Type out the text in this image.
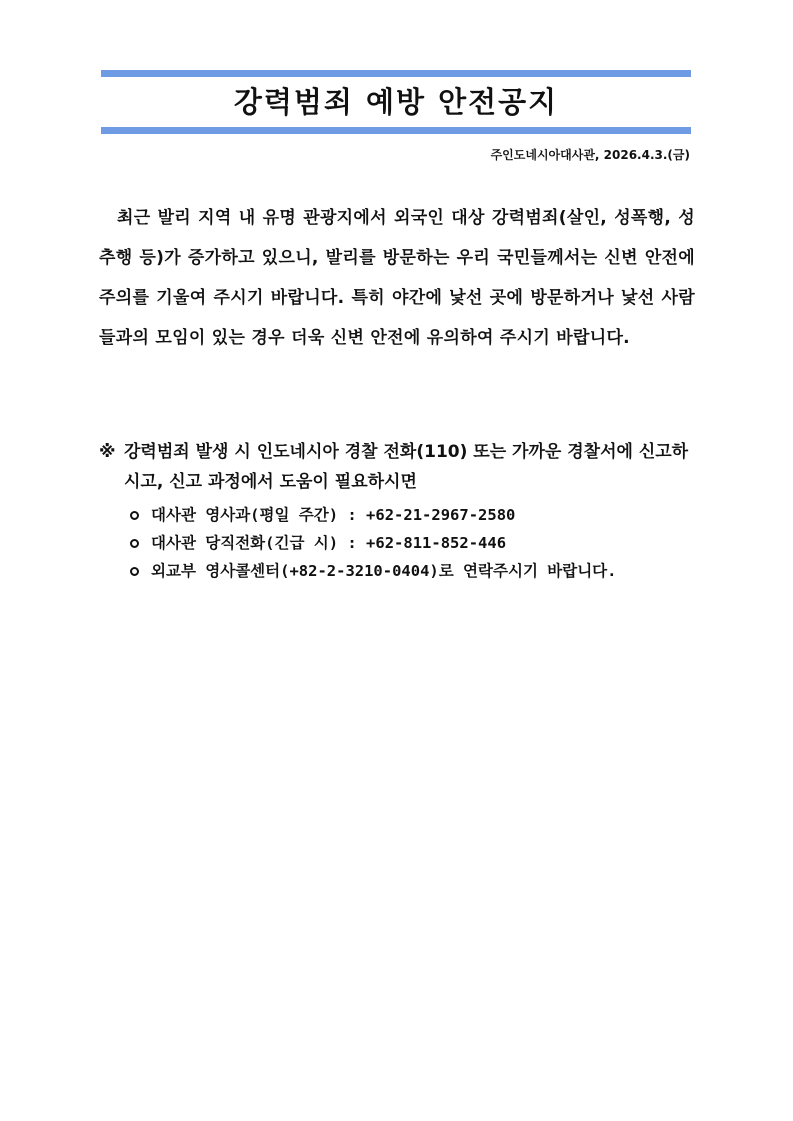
강력범죄 예방 안전공지
주인도네시아대사관, 2026.4.3.(금)

최근 발리 지역 내 유명 관광지에서 외국인 대상 강력범죄(살인, 성폭행, 성추행 등)가 증가하고 있으니, 발리를 방문하는 우리 국민들께서는 신변 안전에 주의를 기울여 주시기 바랍니다. 특히 야간에 낯선 곳에 방문하거나 낯선 사람들과의 모임이 있는 경우 더욱 신변 안전에 유의하여 주시기 바랍니다.

※ 강력범죄 발생 시 인도네시아 경찰 전화(110) 또는 가까운 경찰서에 신고하시고, 신고 과정에서 도움이 필요하시면
대사관 영사과(평일 주간) : +62-21-2967-2580
대사관 당직전화(긴급 시) : +62-811-852-446
외교부 영사콜센터(+82-2-3210-0404)로 연락주시기 바랍니다.
